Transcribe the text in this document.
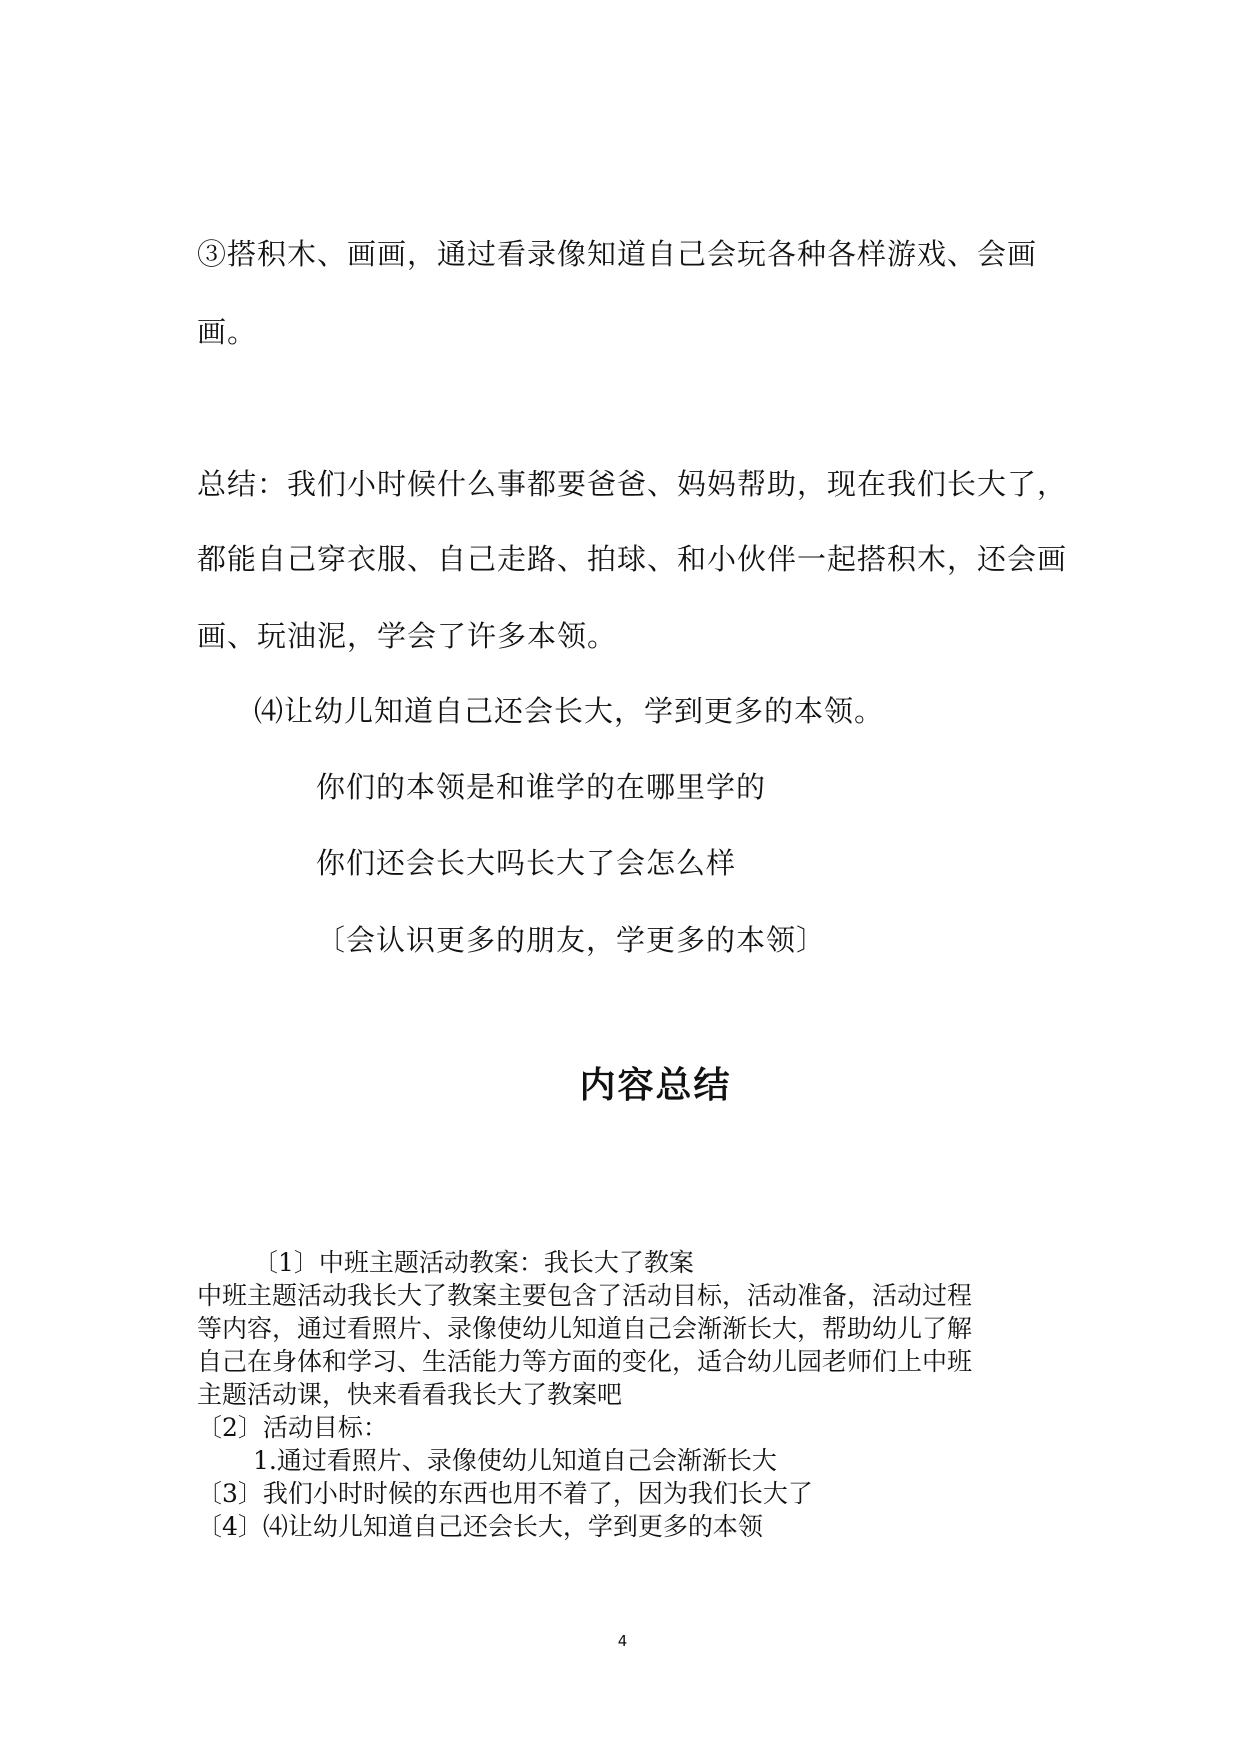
③搭积木、画画，通过看录像知道自己会玩各种各样游戏、会画
画。
总结：我们小时候什么事都要爸爸、妈妈帮助，现在我们长大了，
都能自己穿衣服、自己走路、拍球、和小伙伴一起搭积木，还会画
画、玩油泥，学会了许多本领。
⑷让幼儿知道自己还会长大，学到更多的本领。
你们的本领是和谁学的在哪里学的
你们还会长大吗长大了会怎么样
〔会认识更多的朋友，学更多的本领〕
内容总结
〔1〕中班主题活动教案：我长大了教案
中班主题活动我长大了教案主要包含了活动目标，活动准备，活动过程
等内容，通过看照片、录像使幼儿知道自己会渐渐长大，帮助幼儿了解
自己在身体和学习、生活能力等方面的变化，适合幼儿园老师们上中班
主题活动课，快来看看我长大了教案吧
〔2〕活动目标：
1.通过看照片、录像使幼儿知道自己会渐渐长大
〔3〕我们小时时候的东西也用不着了，因为我们长大了
〔4〕⑷让幼儿知道自己还会长大，学到更多的本领
4
